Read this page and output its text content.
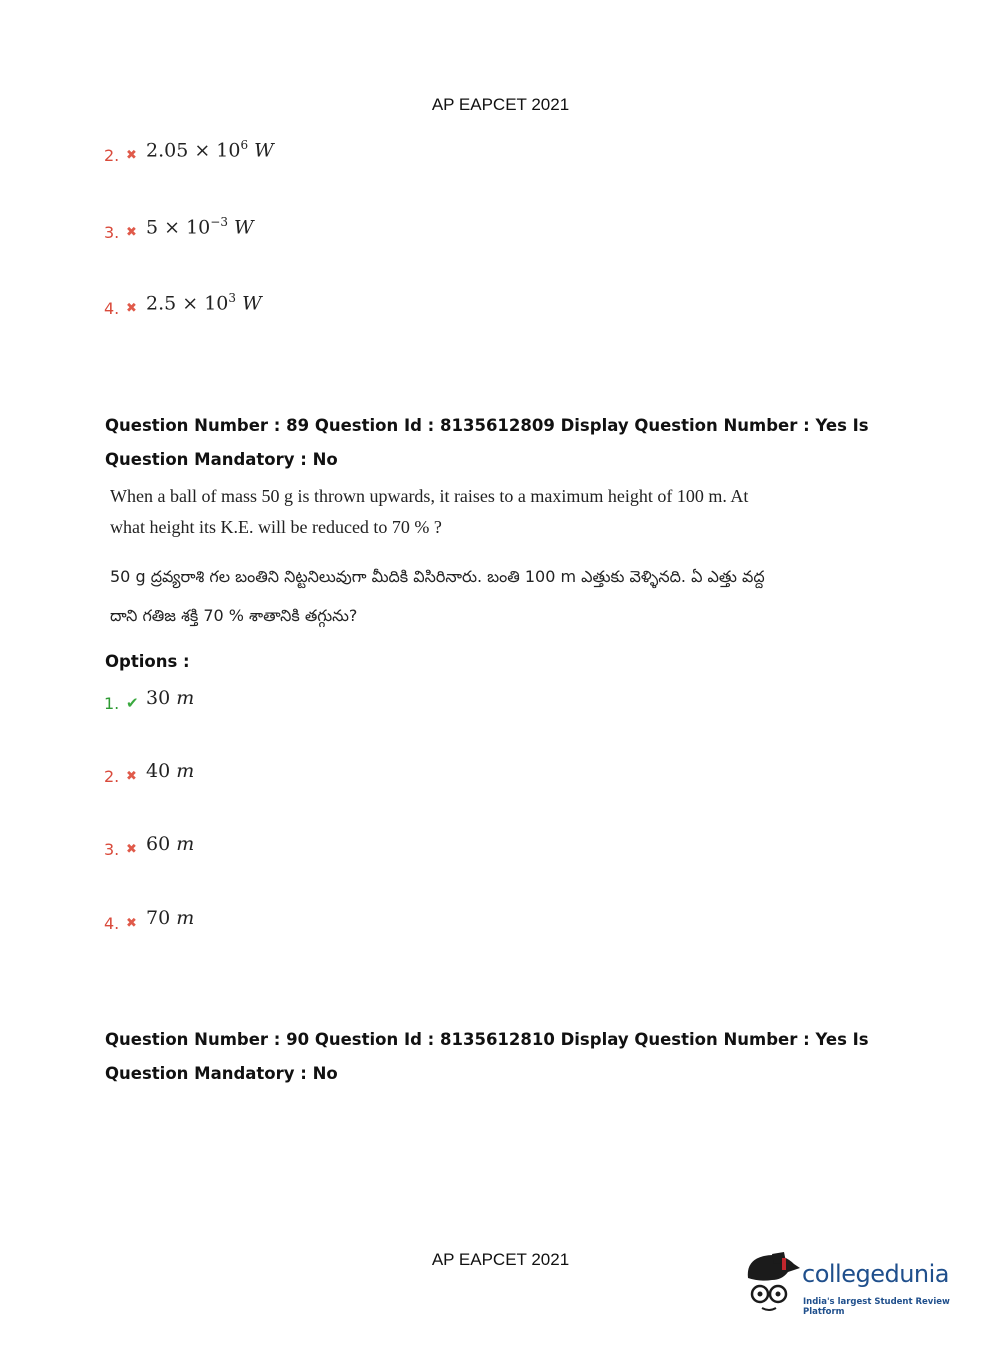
AP EAPCET 2021
2. ✖ $2.05 \times 10^6$ W
3. ✖ $5 \times 10^{-3}$ W
4. ✖ $2.5 \times 10^3$ W
Question Number : 89 Question Id : 8135612809 Display Question Number : Yes Is Question Mandatory : No
When a ball of mass 50 g is thrown upwards, it raises to a maximum height of 100 m. At what height its K.E. will be reduced to 70 % ?
50 g ద్రవ్యరాశి గల బంతిని నిట్టనిలువుగా మీదికి విసిరినారు. బంతి 100 m ఎత్తుకు వెళ్ళినది. ఏ ఎత్తు వద్ద దాని గతిజ శక్తి 70 % శాతానికి తగ్గును?
Options :
1. ✔ 30 m
2. ✖ 40 m
3. ✖ 60 m
4. ✖ 70 m
Question Number : 90 Question Id : 8135612810 Display Question Number : Yes Is Question Mandatory : No
AP EAPCET 2021
collegedunia
India's largest Student Review Platform
